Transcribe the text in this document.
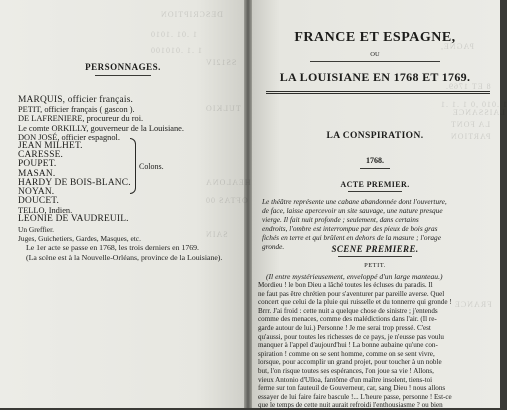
DESCRIPTION
1 .01 .1010
1 .1 .010100
SS12IV
TULKIO
HEALONA
OFTAS 00
SAIN
PAGNE,
8 ET 1769.
1 .010 ,0 1 .1 .1
LAISSANCE
LA FONT
PARTION
FRANCE
PERSONNAGES.
MARQUIS, officier français.
PETIT, officier français ( gascon ).
DE LAFRENIERE, procureur du roi.
Le comte ORKILLY, gouverneur de la Louisiane.
DON JOSÉ, officier espagnol.
JEAN MILHET.
CARESSE.
POUPET.
MASAN.
HARDY DE BOIS-BLANC.
NOYAN.
DOUCET.
TELLO, Indien.
LEONIE DE VAUDREUIL.
Un Greffier.
Juges, Guichetiers, Gardes, Masques, etc.
Colons.
Le 1er acte se passe en 1768, les trois derniers en 1769.
(La scène est à la Nouvelle-Orléans, province de la Louisiane).
FRANCE ET ESPAGNE,
OU
LA LOUISIANE EN 1768 ET 1769.
LA CONSPIRATION.
1768.
ACTE PREMIER.
Le théâtre représente une cabane abandonnée dont l'ouverture,
de face, laisse apercevoir un site sauvage, une nature presque
vierge. Il fait nuit profonde ; seulement, dans certains
endroits, l'ombre est interrompue par des pieux de bois gras
fichés en terre et qui brûlent en dehors de la masure ; l'orage
gronde.	SCENE PREMIERE.
PETIT.
(Il entre mystérieusement, enveloppé d'un large manteau.)
Mordieu ! le bon Dieu a lâché toutes les écluses du paradis. Il
ne faut pas être chrétien pour s'aventurer par pareille averse. Quel
concert que celui de la pluie qui ruisselle et du tonnerre qui gronde !
Brrr. J'ai froid : cette nuit a quelque chose de sinistre ; j'entends
comme des menaces, comme des malédictions dans l'air. (Il re-
garde autour de lui.) Personne ! Je me serai trop pressé. C'est
qu'aussi, pour toutes les richesses de ce pays, je n'eusse pas voulu
manquer à l'appel d'aujourd'hui ! La bonne aubaine qu'une con-
spiration ! comme on se sent homme, comme on se sent vivre,
lorsque, pour accomplir un grand projet, pour toucher à un noble
but, l'on risque toutes ses espérances, l'on joue sa vie ! Allons,
vieux Antonio d'Ulloa, fantôme d'un maître insolent, tiens-toi
ferme sur ton fauteuil de Gouverneur, car, sang Dieu ! nous allons
essayer de lui faire faire bascule !... L'heure passe, personne ! Est-ce
que le temps de cette nuit aurait refroidi l'enthousiasme ? ou bien
